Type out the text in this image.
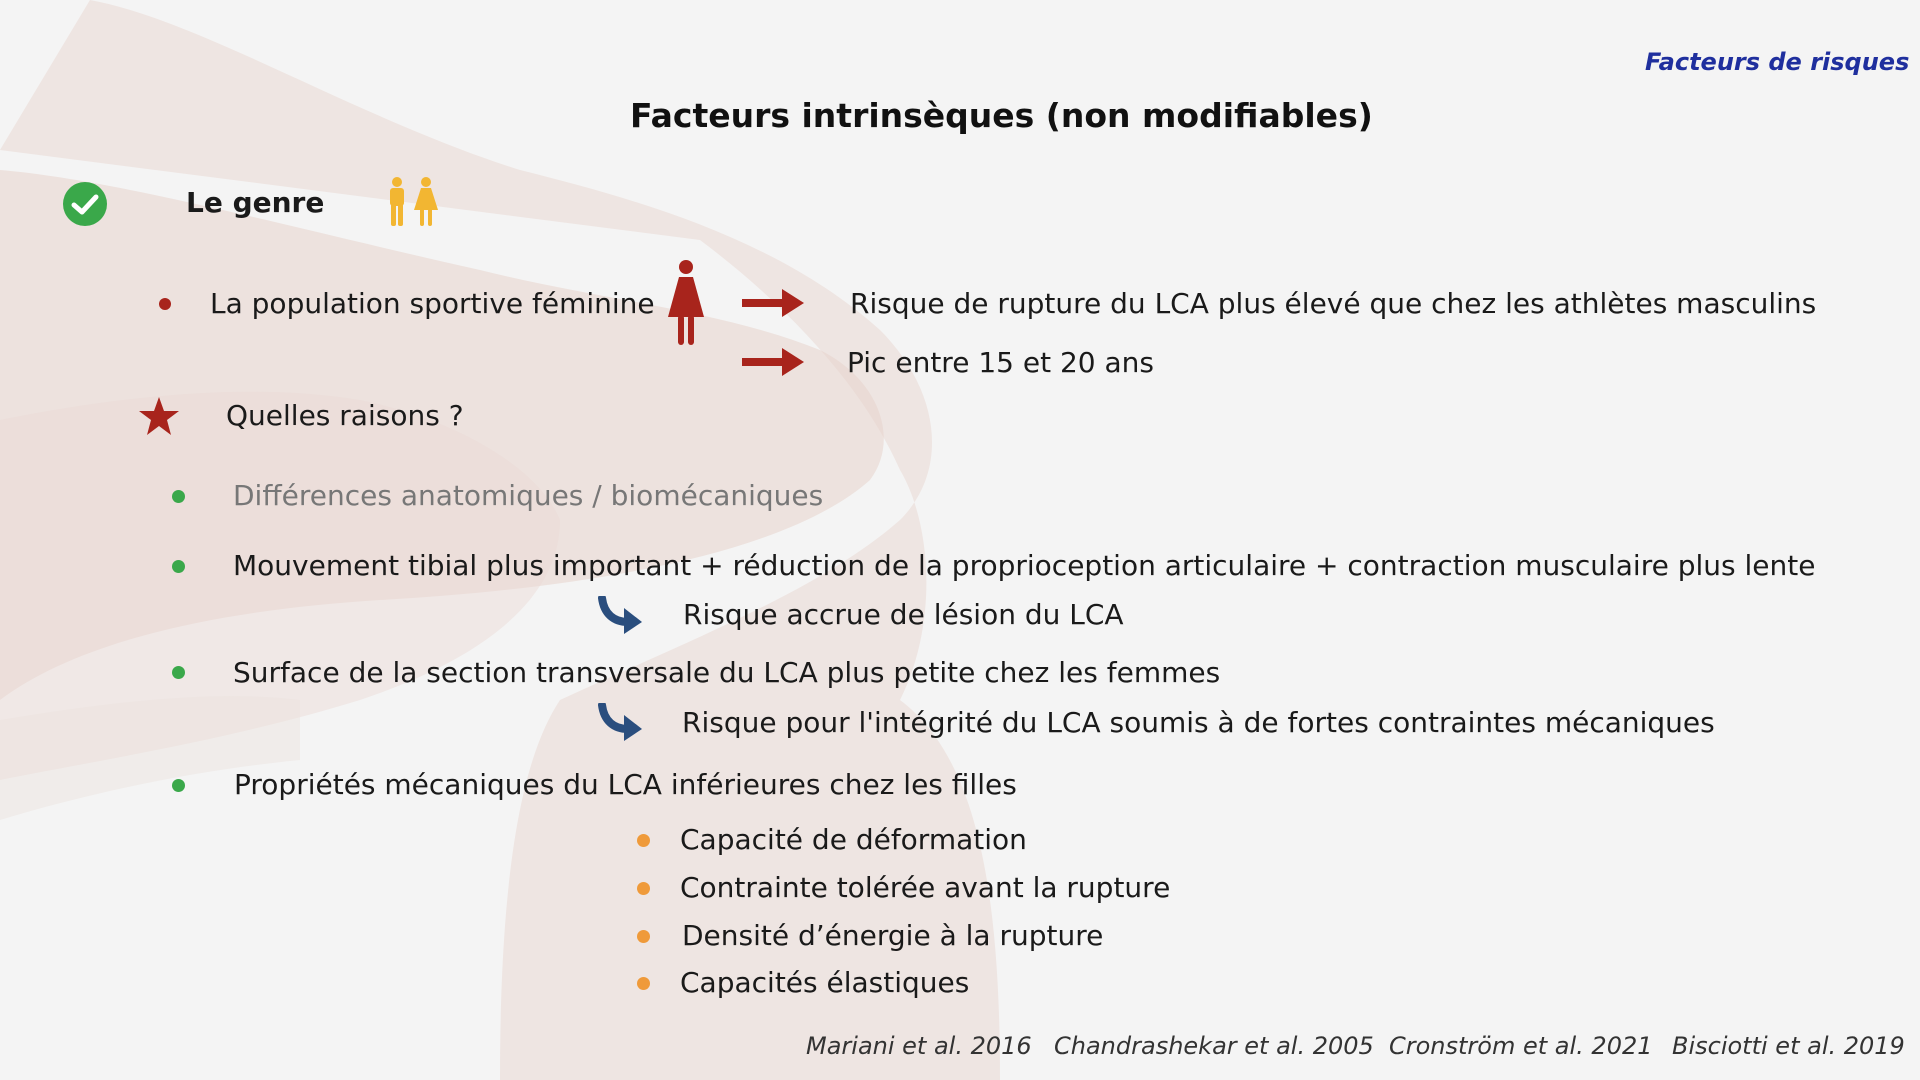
Facteurs de risques
Facteurs intrinsèques (non modifiables)
Le genre
La population sportive féminine	Risque de rupture du LCA plus élevé que chez les athlètes masculins
Pic entre 15 et 20 ans
Quelles raisons ?
Différences anatomiques / biomécaniques
Mouvement tibial plus important + réduction de la proprioception articulaire + contraction musculaire plus lente
Risque accrue de lésion du LCA
Surface de la section transversale du LCA plus petite chez les femmes
Risque pour l'intégrité du LCA soumis à de fortes contraintes mécaniques
Propriétés mécaniques du LCA inférieures chez les filles
Capacité de déformation
Contrainte tolérée avant la rupture
Densité d’énergie à la rupture
Capacités élastiques
Mariani et al. 2016 Chandrashekar et al. 2005 Cronström et al. 2021 Bisciotti et al. 2019
